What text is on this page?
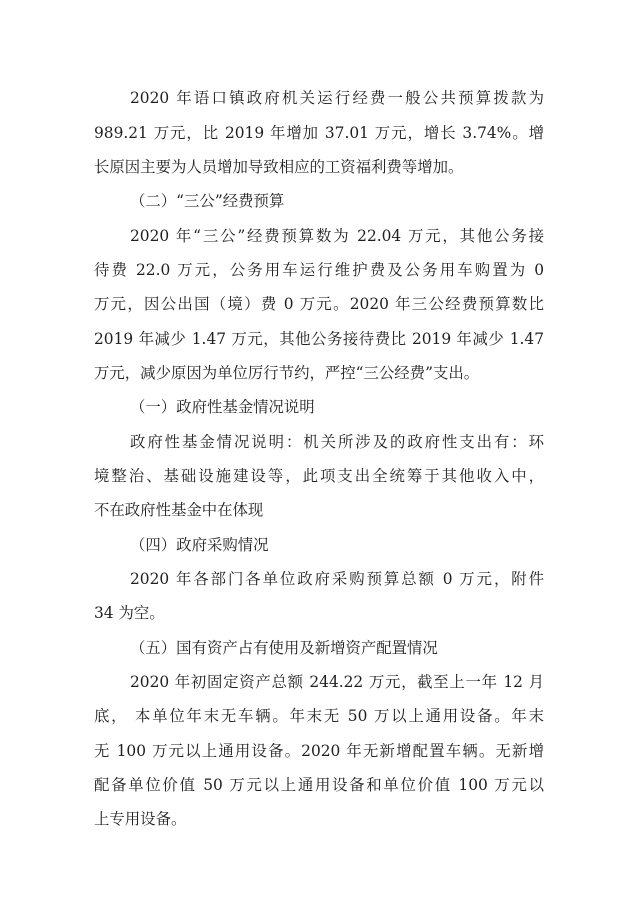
2020 年语口镇政府机关运行经费一般公共预算拨款为
989.21 万元，比 2019 年增加 37.01 万元，增长 3.74%。增
长原因主要为人员增加导致相应的工资福利费等增加。
（二）“三公”经费预算
2020 年“三公”经费预算数为 22.04 万元，其他公务接
待费 22.0 万元，公务用车运行维护费及公务用车购置为 0
万元，因公出国（境）费 0 万元。2020 年三公经费预算数比
2019 年减少 1.47 万元，其他公务接待费比 2019 年减少 1.47
万元，减少原因为单位厉行节约，严控“三公经费”支出。
（一）政府性基金情况说明
政府性基金情况说明：机关所涉及的政府性支出有：环
境整治、基础设施建设等，此项支出全统筹于其他收入中，
不在政府性基金中在体现
（四）政府采购情况
2020 年各部门各单位政府采购预算总额 0 万元，附件
34 为空。
（五）国有资产占有使用及新增资产配置情况
2020 年初固定资产总额 244.22 万元，截至上一年 12 月
底， 本单位年末无车辆。年末无 50 万以上通用设备。年末
无 100 万元以上通用设备。2020 年无新增配置车辆。无新增
配备单位价值 50 万元以上通用设备和单位价值 100 万元以
上专用设备。
